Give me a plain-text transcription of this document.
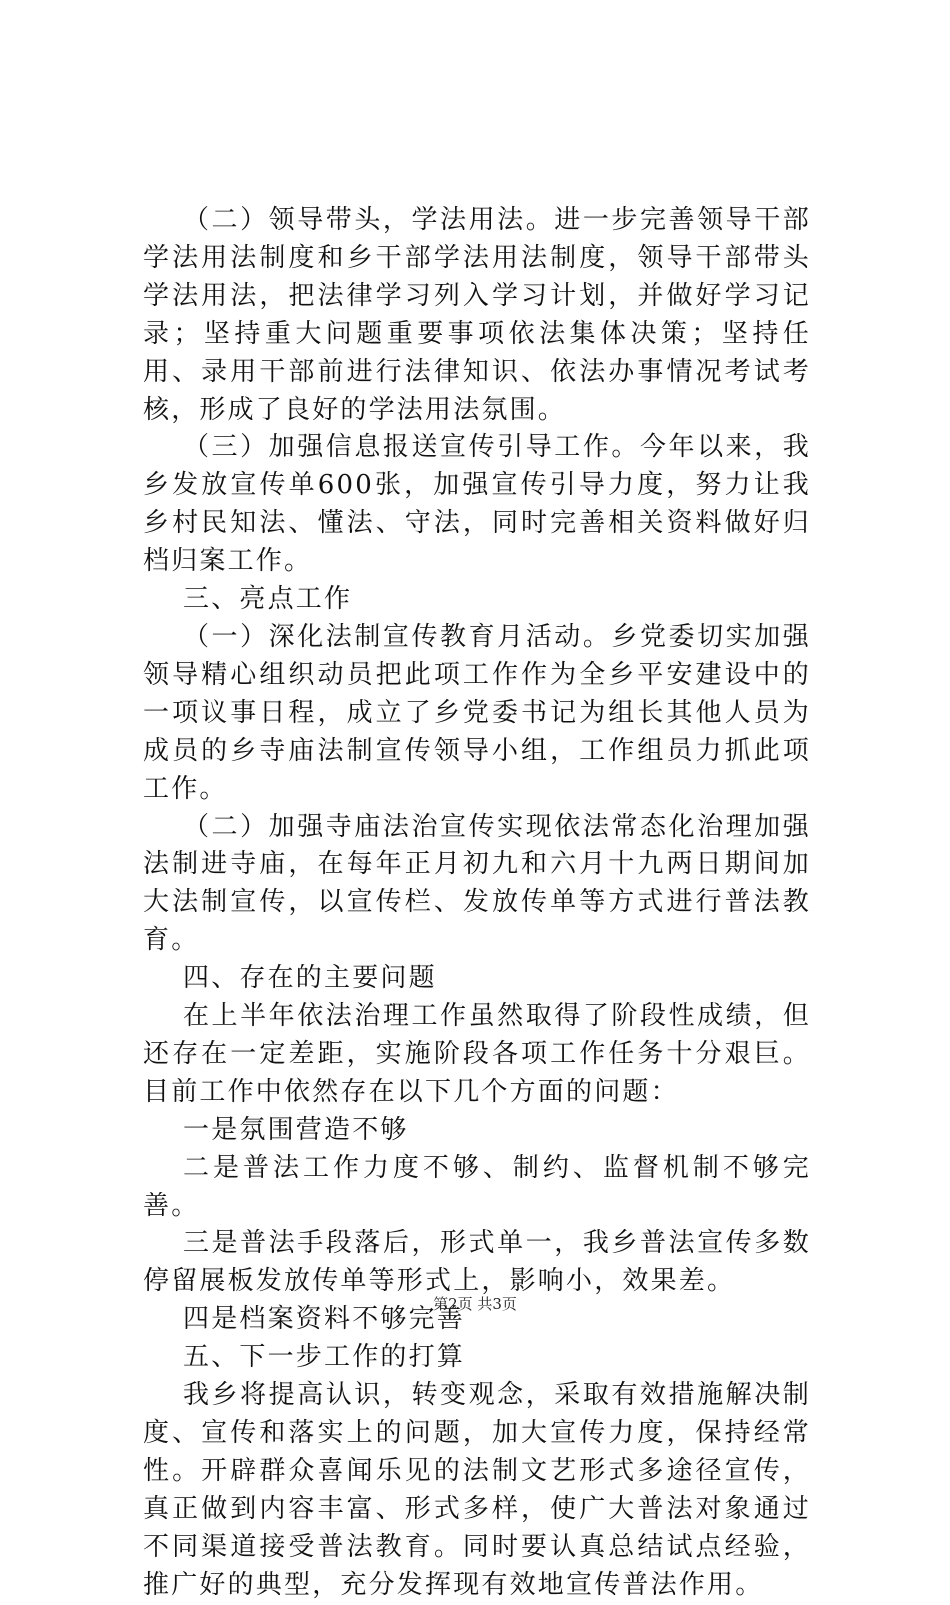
（二）领导带头，学法用法。进一步完善领导干部学法用法制度和乡干部学法用法制度，领导干部带头学法用法，把法律学习列入学习计划，并做好学习记录；坚持重大问题重要事项依法集体决策；坚持任用、录用干部前进行法律知识、依法办事情况考试考核，形成了良好的学法用法氛围。

（三）加强信息报送宣传引导工作。今年以来，我乡发放宣传单600张，加强宣传引导力度，努力让我乡村民知法、懂法、守法，同时完善相关资料做好归档归案工作。

三、亮点工作

（一）深化法制宣传教育月活动。乡党委切实加强领导精心组织动员把此项工作作为全乡平安建设中的一项议事日程，成立了乡党委书记为组长其他人员为成员的乡寺庙法制宣传领导小组，工作组员力抓此项工作。

（二）加强寺庙法治宣传实现依法常态化治理加强法制进寺庙，在每年正月初九和六月十九两日期间加大法制宣传，以宣传栏、发放传单等方式进行普法教育。

四、存在的主要问题

在上半年依法治理工作虽然取得了阶段性成绩，但还存在一定差距，实施阶段各项工作任务十分艰巨。目前工作中依然存在以下几个方面的问题：

一是氛围营造不够

二是普法工作力度不够、制约、监督机制不够完善。

三是普法手段落后，形式单一，我乡普法宣传多数停留展板发放传单等形式上，影响小，效果差。

四是档案资料不够完善

五、下一步工作的打算

我乡将提高认识，转变观念，采取有效措施解决制度、宣传和落实上的问题，加大宣传力度，保持经常性。开辟群众喜闻乐见的法制文艺形式多途径宣传，真正做到内容丰富、形式多样，使广大普法对象通过不同渠道接受普法教育。同时要认真总结试点经验，推广好的典型，充分发挥现有效地宣传普法作用。

第2页 共3页
